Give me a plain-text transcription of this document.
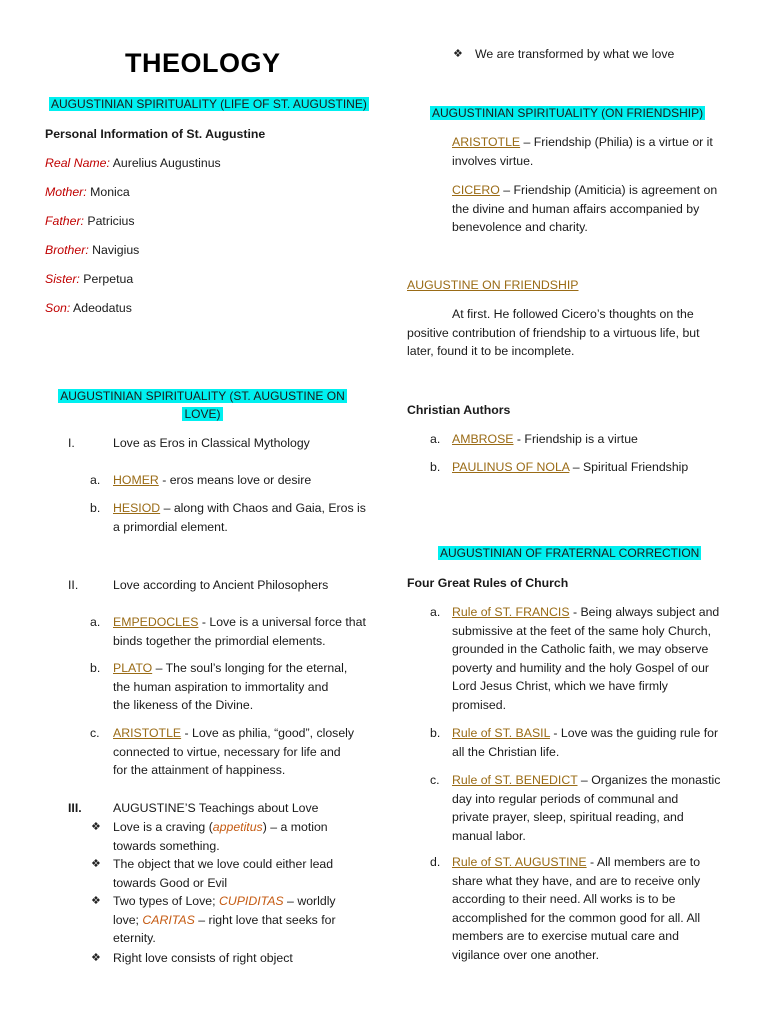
THEOLOGY
AUGUSTINIAN SPIRITUALITY (LIFE OF ST. AUGUSTINE)
Personal Information of St. Augustine
Real Name: Aurelius Augustinus
Mother: Monica
Father: Patricius
Brother: Navigius
Sister: Perpetua
Son: Adeodatus
AUGUSTINIAN SPIRITUALITY (ST. AUGUSTINE ON
LOVE)
I.	Love as Eros in Classical Mythology
a. HOMER - eros means love or desire
b. HESIOD – along with Chaos and Gaia, Eros is
a primordial element.
II.	Love according to Ancient Philosophers
a. EMPEDOCLES - Love is a universal force that
binds together the primordial elements.
b. PLATO – The soul’s longing for the eternal,
the human aspiration to immortality and
the likeness of the Divine.
c. ARISTOTLE - Love as philia, “good”, closely
connected to virtue, necessary for life and
for the attainment of happiness.
III.	AUGUSTINE’S Teachings about Love
❖ Love is a craving (appetitus) – a motion
towards something.
❖ The object that we love could either lead
towards Good or Evil
❖ Two types of Love; CUPIDITAS – worldly
love; CARITAS – right love that seeks for
eternity.
❖ Right love consists of right object
❖ We are transformed by what we love
AUGUSTINIAN SPIRITUALITY (ON FRIENDSHIP)
ARISTOTLE – Friendship (Philia) is a virtue or it
involves virtue.
CICERO – Friendship (Amiticia) is agreement on
the divine and human affairs accompanied by
benevolence and charity.
AUGUSTINE ON FRIENDSHIP
At first. He followed Cicero’s thoughts on the
positive contribution of friendship to a virtuous life, but
later, found it to be incomplete.
Christian Authors
a. AMBROSE - Friendship is a virtue
b. PAULINUS OF NOLA – Spiritual Friendship
AUGUSTINIAN OF FRATERNAL CORRECTION
Four Great Rules of Church
a. Rule of ST. FRANCIS - Being always subject and
submissive at the feet of the same holy Church,
grounded in the Catholic faith, we may observe
poverty and humility and the holy Gospel of our
Lord Jesus Christ, which we have firmly
promised.
b. Rule of ST. BASIL - Love was the guiding rule for
all the Christian life.
c. Rule of ST. BENEDICT – Organizes the monastic
day into regular periods of communal and
private prayer, sleep, spiritual reading, and
manual labor.
d. Rule of ST. AUGUSTINE - All members are to
share what they have, and are to receive only
according to their need. All works is to be
accomplished for the common good for all. All
members are to exercise mutual care and
vigilance over one another.
